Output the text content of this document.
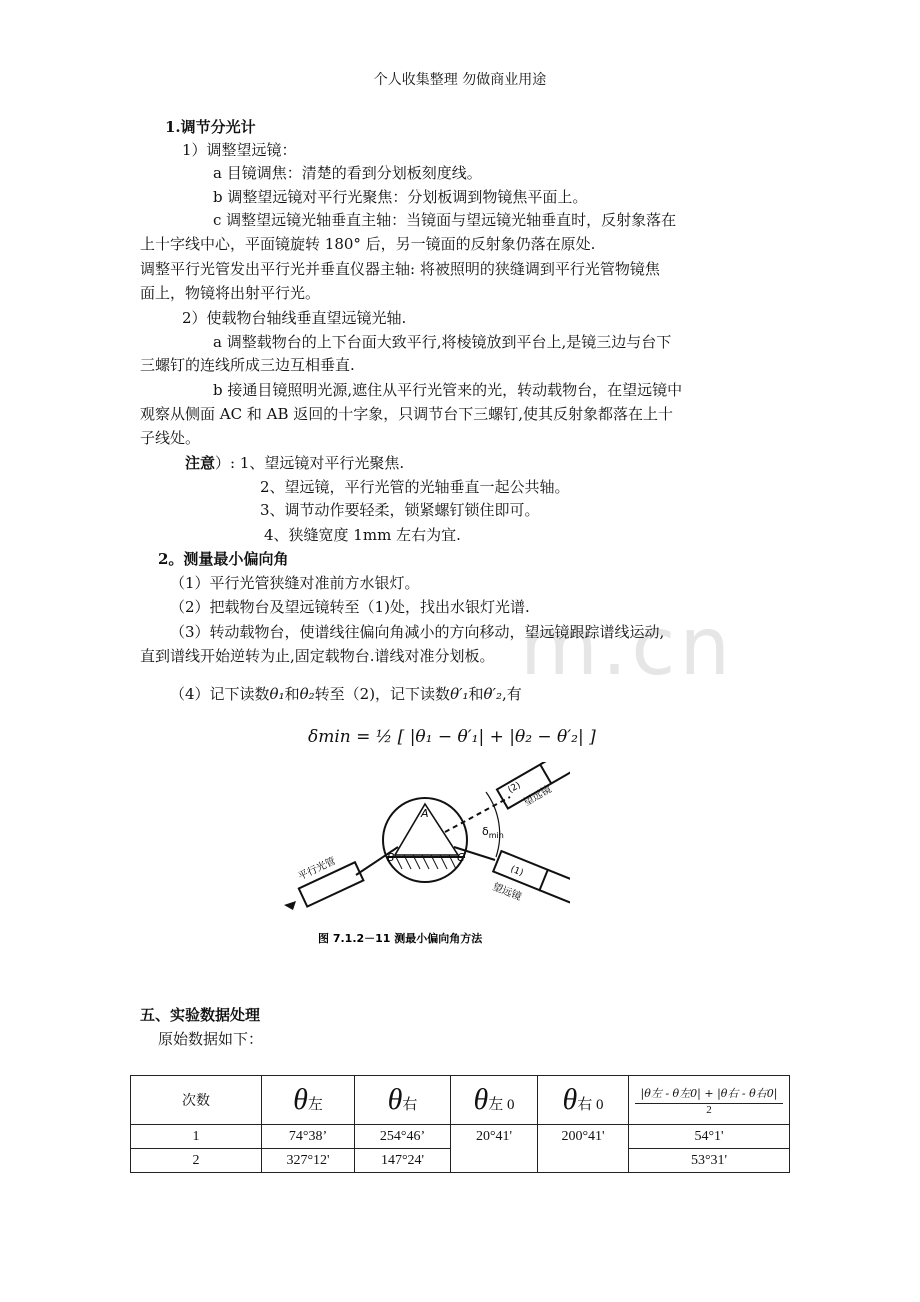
m.cn
个人收集整理 勿做商业用途
1.调节分光计
1）调整望远镜：
a 目镜调焦：清楚的看到分划板刻度线。
b 调整望远镜对平行光聚焦：分划板调到物镜焦平面上。
c 调整望远镜光轴垂直主轴：当镜面与望远镜光轴垂直时，反射象落在
上十字线中心，平面镜旋转 180° 后，另一镜面的反射象仍落在原处.
调整平行光管发出平行光并垂直仪器主轴: 将被照明的狭缝调到平行光管物镜焦
面上，物镜将出射平行光。
2）使载物台轴线垂直望远镜光轴.
a 调整载物台的上下台面大致平行,将棱镜放到平台上,是镜三边与台下
三螺钉的连线所成三边互相垂直.
b 接通目镜照明光源,遮住从平行光管来的光，转动载物台，在望远镜中
观察从侧面 AC 和 AB 返回的十字象，只调节台下三螺钉,使其反射象都落在上十
子线处。
注意）: 1、望远镜对平行光聚焦.
2、望远镜，平行光管的光轴垂直一起公共轴。
3、调节动作要轻柔，锁紧螺钉锁住即可。
4、狭缝宽度 1mm 左右为宜.
2。测量最小偏向角
（1）平行光管狭缝对准前方水银灯。
（2）把载物台及望远镜转至（1)处，找出水银灯光谱.
（3）转动载物台，使谱线往偏向角减小的方向移动，望远镜跟踪谱线运动,
直到谱线开始逆转为止,固定载物台.谱线对准分划板。
（4）记下读数θ₁和θ₂转至（2)，记下读数θ′₁和θ′₂,有
δmin = ½ [ |θ₁ − θ′₁| + |θ₂ − θ′₂| ]
A
B	C
$\delta_{min}$
平行光管
(2) 望远镜
(1)
望远镜
图 7.1.2－11 测最小偏向角方法
五、实验数据处理
原始数据如下：
次数	θ左	θ右	θ左 0	θ右 0	|θ左 - θ左0| + |θ右 - θ右0|
2

1	74°38’	254°46’	20°41'	200°41'	54°1'
2	327°12'	147°24'			53°31'
